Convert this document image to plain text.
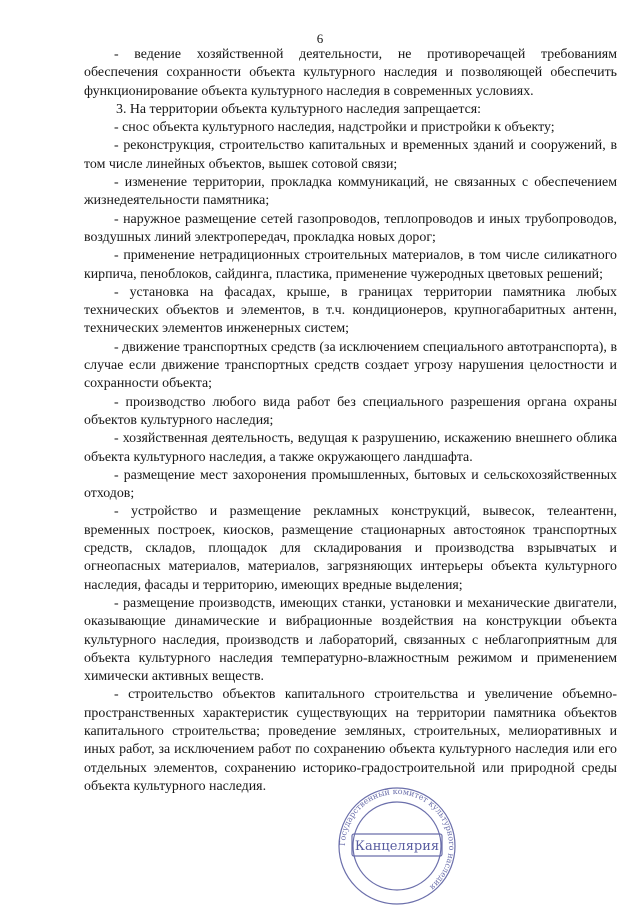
6

- ведение хозяйственной деятельности, не противоречащей требованиям обеспечения сохранности объекта культурного наследия и позволяющей обеспечить функционирование объекта культурного наследия в современных условиях.

3. На территории объекта культурного наследия запрещается:

- снос объекта культурного наследия, надстройки и пристройки к объекту;

- реконструкция, строительство капитальных и временных зданий и сооружений, в том числе линейных объектов, вышек сотовой связи;

- изменение территории, прокладка коммуникаций, не связанных с обеспечением жизнедеятельности памятника;

- наружное размещение сетей газопроводов, теплопроводов и иных трубопроводов, воздушных линий электропередач, прокладка новых дорог;

- применение нетрадиционных строительных материалов, в том числе силикатного кирпича, пеноблоков, сайдинга, пластика, применение чужеродных цветовых решений;

- установка на фасадах, крыше, в границах территории памятника любых технических объектов и элементов, в т.ч. кондиционеров, крупногабаритных антенн, технических элементов инженерных систем;

- движение транспортных средств (за исключением специального автотранспорта), в случае если движение транспортных средств создает угрозу нарушения целостности и сохранности объекта;

- производство любого вида работ без специального разрешения органа охраны объектов культурного наследия;

- хозяйственная деятельность, ведущая к разрушению, искажению внешнего облика объекта культурного наследия, а также окружающего ландшафта.

- размещение мест захоронения промышленных, бытовых и сельскохозяйственных отходов;

- устройство и размещение рекламных конструкций, вывесок, телеантенн, временных построек, киосков, размещение стационарных автостоянок транспортных средств, складов, площадок для складирования и производства взрывчатых и огнеопасных материалов, материалов, загрязняющих интерьеры объекта культурного наследия, фасады и территорию, имеющих вредные выделения;

- размещение производств, имеющих станки, установки и механические двигатели, оказывающие динамические и вибрационные воздействия на конструкции объекта культурного наследия, производств и лабораторий, связанных с неблагоприятным для объекта культурного наследия температурно-влажностным режимом и применением химически активных веществ.

- строительство объектов капитального строительства и увеличение объемно-пространственных характеристик существующих на территории памятника объектов капитального строительства; проведение земляных, строительных, мелиоративных и иных работ, за исключением работ по сохранению объекта культурного наследия или его отдельных элементов, сохранению историко-градостроительной или природной среды объекта культурного наследия.

Государственный комитет культурного наследия
Канцелярия
